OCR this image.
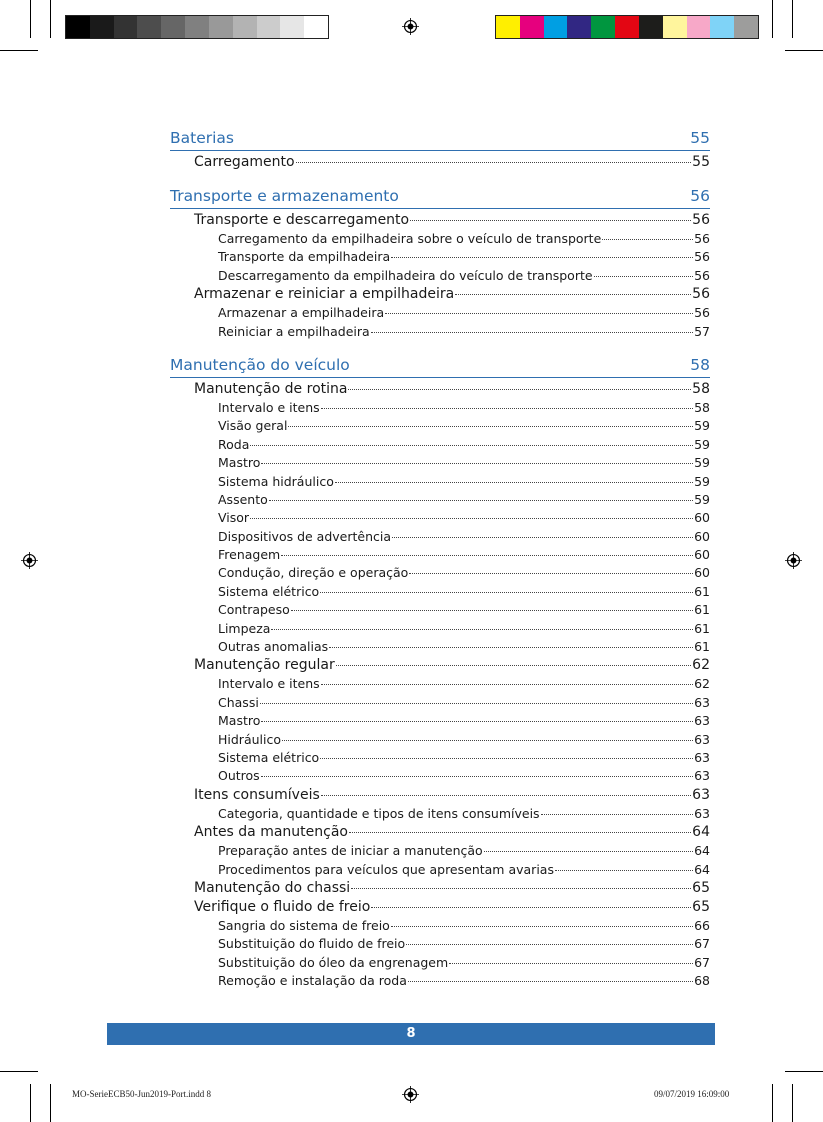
Baterias	55
Carregamento	55
Transporte e armazenamento	56
Transporte e descarregamento	56
Carregamento da empilhadeira sobre o veículo de transporte	56
Transporte da empilhadeira	56
Descarregamento da empilhadeira do veículo de transporte	56
Armazenar e reiniciar a empilhadeira	56
Armazenar a empilhadeira	56
Reiniciar a empilhadeira	57
Manutenção do veículo	58
Manutenção de rotina	58
Intervalo e itens	58
Visão geral	59
Roda	59
Mastro	59
Sistema hidráulico	59
Assento	59
Visor	60
Dispositivos de advertência	60
Frenagem	60
Condução, direção e operação	60
Sistema elétrico	61
Contrapeso	61
Limpeza	61
Outras anomalias	61
Manutenção regular	62
Intervalo e itens	62
Chassi	63
Mastro	63
Hidráulico	63
Sistema elétrico	63
Outros	63
Itens consumíveis	63
Categoria, quantidade e tipos de itens consumíveis	63
Antes da manutenção	64
Preparação antes de iniciar a manutenção	64
Procedimentos para veículos que apresentam avarias	64
Manutenção do chassi	65
Verifique o fluido de freio	65
Sangria do sistema de freio	66
Substituição do fluido de freio	67
Substituição do óleo da engrenagem	67
Remoção e instalação da roda	68
8
MO-SerieECB50-Jun2019-Port.indd 8	09/07/2019 16:09:00
